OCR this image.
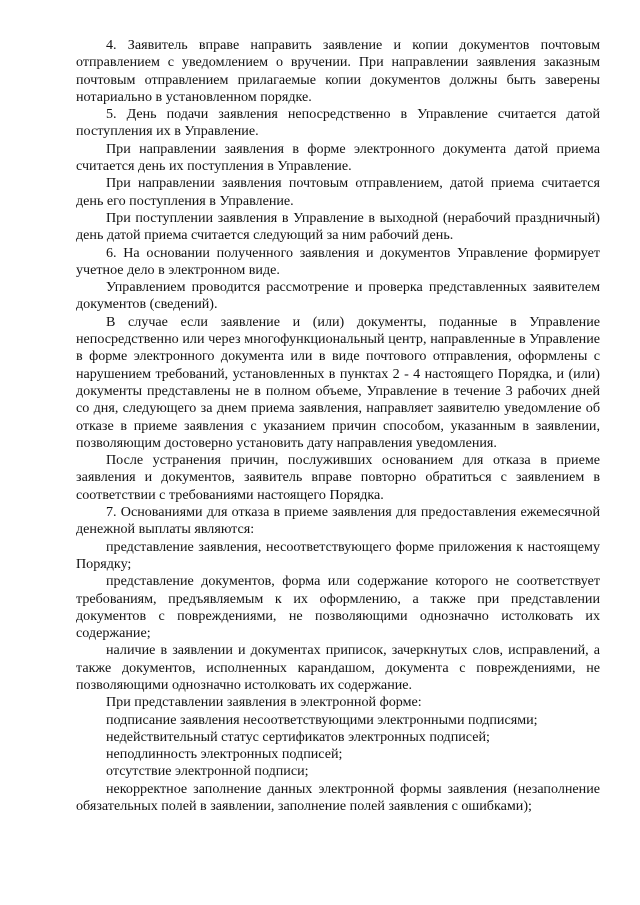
4. Заявитель вправе направить заявление и копии документов почтовым отправлением с уведомлением о вручении. При направлении заявления заказным почтовым отправлением прилагаемые копии документов должны быть заверены нотариально в установленном порядке.

5. День подачи заявления непосредственно в Управление считается датой поступления их в Управление.

При направлении заявления в форме электронного документа датой приема считается день их поступления в Управление.

При направлении заявления почтовым отправлением, датой приема считается день его поступления в Управление.

При поступлении заявления в Управление в выходной (нерабочий праздничный) день датой приема считается следующий за ним рабочий день.

6. На основании полученного заявления и документов Управление формирует учетное дело в электронном виде.

Управлением проводится рассмотрение и проверка представленных заявителем документов (сведений).

В случае если заявление и (или) документы, поданные в Управление непосредственно или через многофункциональный центр, направленные в Управление в форме электронного документа или в виде почтового отправления, оформлены с нарушением требований, установленных в пунктах 2 - 4 настоящего Порядка, и (или) документы представлены не в полном объеме, Управление в течение 3 рабочих дней со дня, следующего за днем приема заявления, направляет заявителю уведомление об отказе в приеме заявления с указанием причин способом, указанным в заявлении, позволяющим достоверно установить дату направления уведомления.

После устранения причин, послуживших основанием для отказа в приеме заявления и документов, заявитель вправе повторно обратиться с заявлением в соответствии с требованиями настоящего Порядка.

7. Основаниями для отказа в приеме заявления для предоставления ежемесячной денежной выплаты являются:

представление заявления, несоответствующего форме приложения к настоящему Порядку;

представление документов, форма или содержание которого не соответствует требованиям, предъявляемым к их оформлению, а также при представлении документов с повреждениями, не позволяющими однозначно истолковать их содержание;

наличие в заявлении и документах приписок, зачеркнутых слов, исправлений, а также документов, исполненных карандашом, документа с повреждениями, не позволяющими однозначно истолковать их содержание.

При представлении заявления в электронной форме:

подписание заявления несоответствующими электронными подписями;

недействительный статус сертификатов электронных подписей;

неподлинность электронных подписей;

отсутствие электронной подписи;

некорректное заполнение данных электронной формы заявления (незаполнение обязательных полей в заявлении, заполнение полей заявления с ошибками);
